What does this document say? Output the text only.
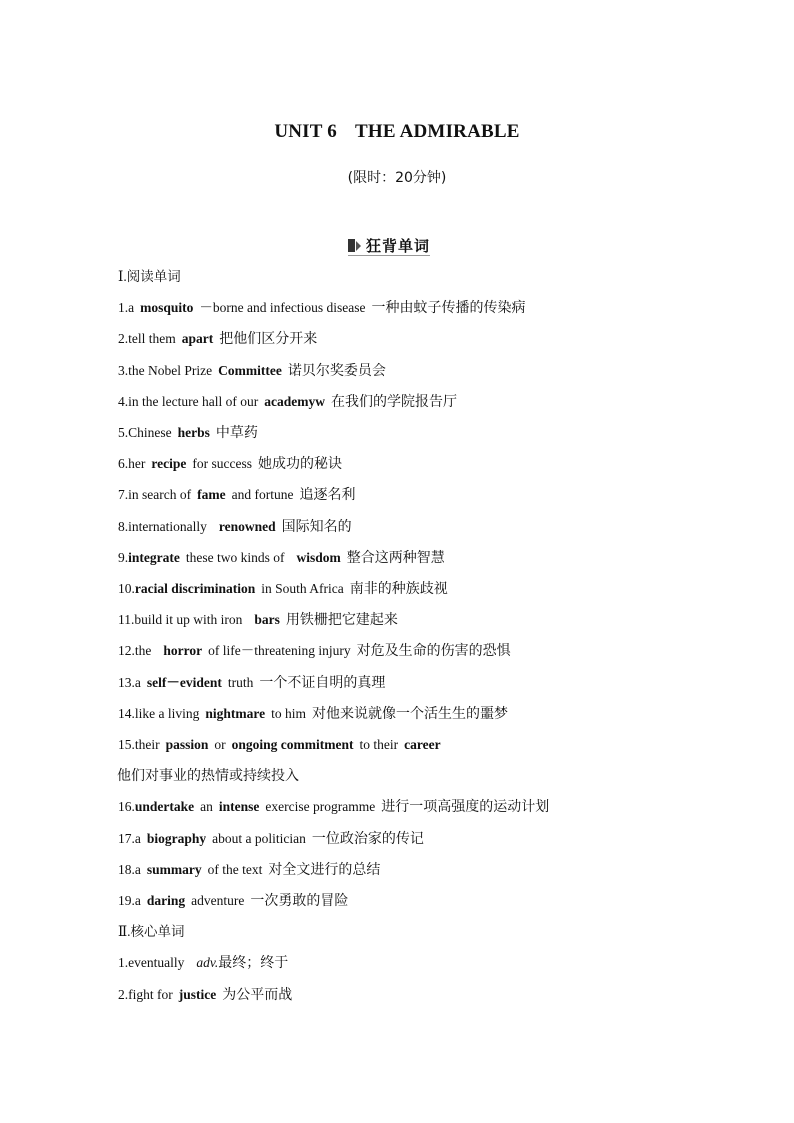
UNIT 6 THE ADMIRABLE
(限时：20分钟)
狂背单词
Ⅰ.阅读单词
1.a mosquito －borne and infectious disease 一种由蚊子传播的传染病
2.tell them apart 把他们区分开来
3.the Nobel Prize Committee 诺贝尔奖委员会
4.in the lecture hall of our academyw 在我们的学院报告厅
5.Chinese herbs 中草药
6.her recipe for success 她成功的秘诀
7.in search of fame and fortune 追逐名利
8.internationally renowned 国际知名的
9.integrate these two kinds of wisdom 整合这两种智慧
10.racial discrimination in South Africa 南非的种族歧视
11.build it up with iron bars 用铁栅把它建起来
12.the horror of life－threatening injury 对危及生命的伤害的恐惧
13.a self－evident truth 一个不证自明的真理
14.like a living nightmare to him 对他来说就像一个活生生的噩梦
15.their passion or ongoing commitment to their career
他们对事业的热情或持续投入
16.undertake an intense exercise programme 进行一项高强度的运动计划
17.a biography about a politician 一位政治家的传记
18.a summary of the text 对全文进行的总结
19.a daring adventure 一次勇敢的冒险
Ⅱ.核心单词
1.eventually adv.最终；终于
2.fight for justice 为公平而战
